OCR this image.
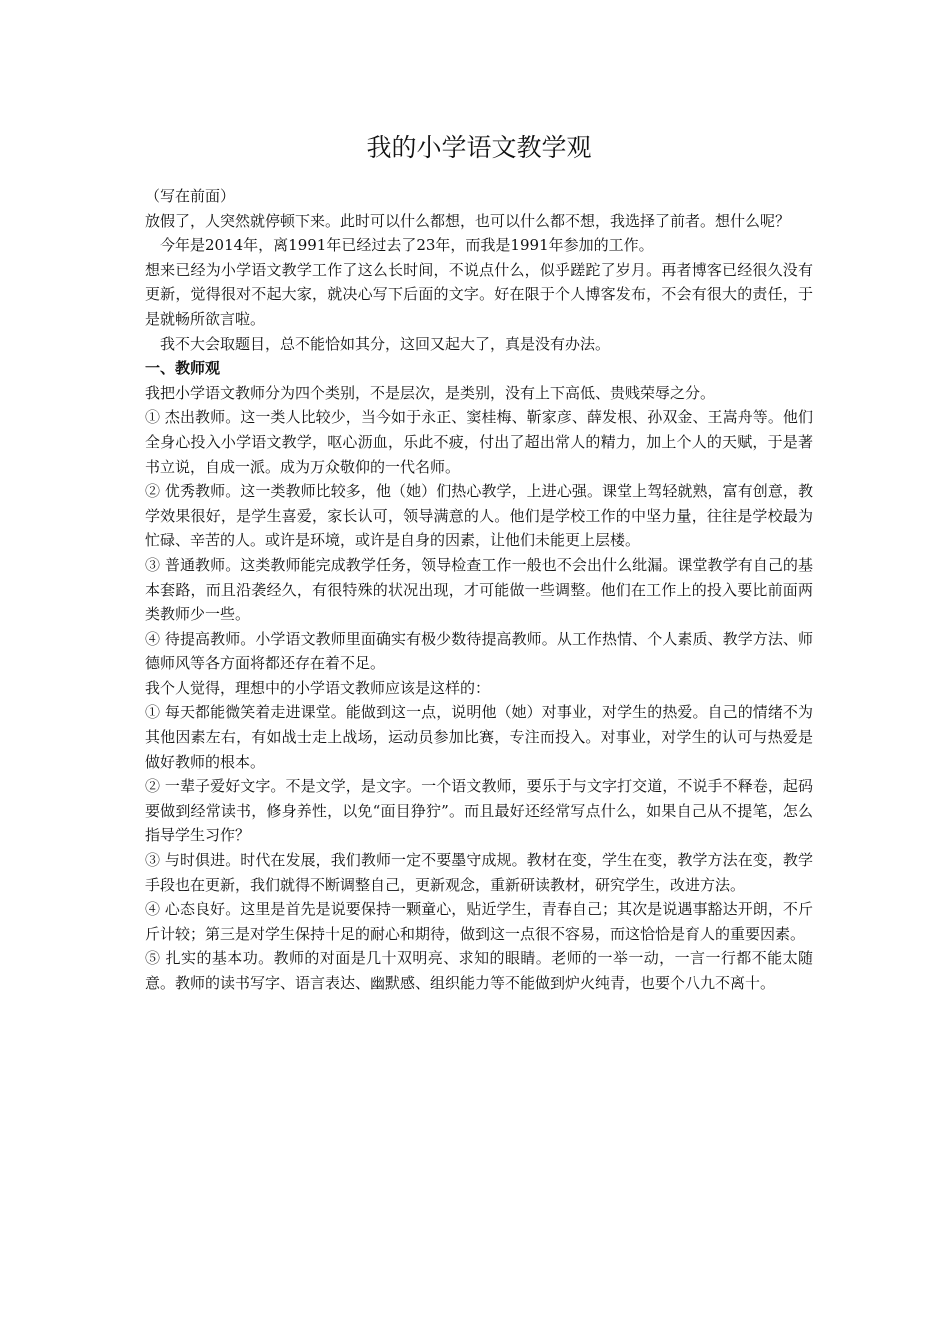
我的小学语文教学观

（写在前面）

放假了，人突然就停顿下来。此时可以什么都想，也可以什么都不想，我选择了前者。想什么呢？

今年是2014年，离1991年已经过去了23年，而我是1991年参加的工作。

想来已经为小学语文教学工作了这么长时间，不说点什么，似乎蹉跎了岁月。再者博客已经很久没有更新，觉得很对不起大家，就决心写下后面的文字。好在限于个人博客发布，不会有很大的责任，于是就畅所欲言啦。

我不大会取题目，总不能恰如其分，这回又起大了，真是没有办法。

一、教师观

我把小学语文教师分为四个类别，不是层次，是类别，没有上下高低、贵贱荣辱之分。

① 杰出教师。这一类人比较少，当今如于永正、窦桂梅、靳家彦、薛发根、孙双金、王嵩舟等。他们全身心投入小学语文教学，呕心沥血，乐此不疲，付出了超出常人的精力，加上个人的天赋，于是著书立说，自成一派。成为万众敬仰的一代名师。

② 优秀教师。这一类教师比较多，他（她）们热心教学，上进心强。课堂上驾轻就熟，富有创意，教学效果很好，是学生喜爱，家长认可，领导满意的人。他们是学校工作的中坚力量，往往是学校最为忙碌、辛苦的人。或许是环境，或许是自身的因素，让他们未能更上层楼。

③ 普通教师。这类教师能完成教学任务，领导检查工作一般也不会出什么纰漏。课堂教学有自己的基本套路，而且沿袭经久，有很特殊的状况出现，才可能做一些调整。他们在工作上的投入要比前面两类教师少一些。

④ 待提高教师。小学语文教师里面确实有极少数待提高教师。从工作热情、个人素质、教学方法、师德师风等各方面将都还存在着不足。

我个人觉得，理想中的小学语文教师应该是这样的：

① 每天都能微笑着走进课堂。能做到这一点，说明他（她）对事业，对学生的热爱。自己的情绪不为其他因素左右，有如战士走上战场，运动员参加比赛，专注而投入。对事业，对学生的认可与热爱是做好教师的根本。

② 一辈子爱好文字。不是文学，是文字。一个语文教师，要乐于与文字打交道，不说手不释卷，起码要做到经常读书，修身养性，以免“面目狰狞”。而且最好还经常写点什么，如果自己从不提笔，怎么指导学生习作？

③ 与时俱进。时代在发展，我们教师一定不要墨守成规。教材在变，学生在变，教学方法在变，教学手段也在更新，我们就得不断调整自己，更新观念，重新研读教材，研究学生，改进方法。

④ 心态良好。这里是首先是说要保持一颗童心，贴近学生，青春自己；其次是说遇事豁达开朗，不斤斤计较；第三是对学生保持十足的耐心和期待，做到这一点很不容易，而这恰恰是育人的重要因素。

⑤ 扎实的基本功。教师的对面是几十双明亮、求知的眼睛。老师的一举一动，一言一行都不能太随意。教师的读书写字、语言表达、幽默感、组织能力等不能做到炉火纯青，也要个八九不离十。
